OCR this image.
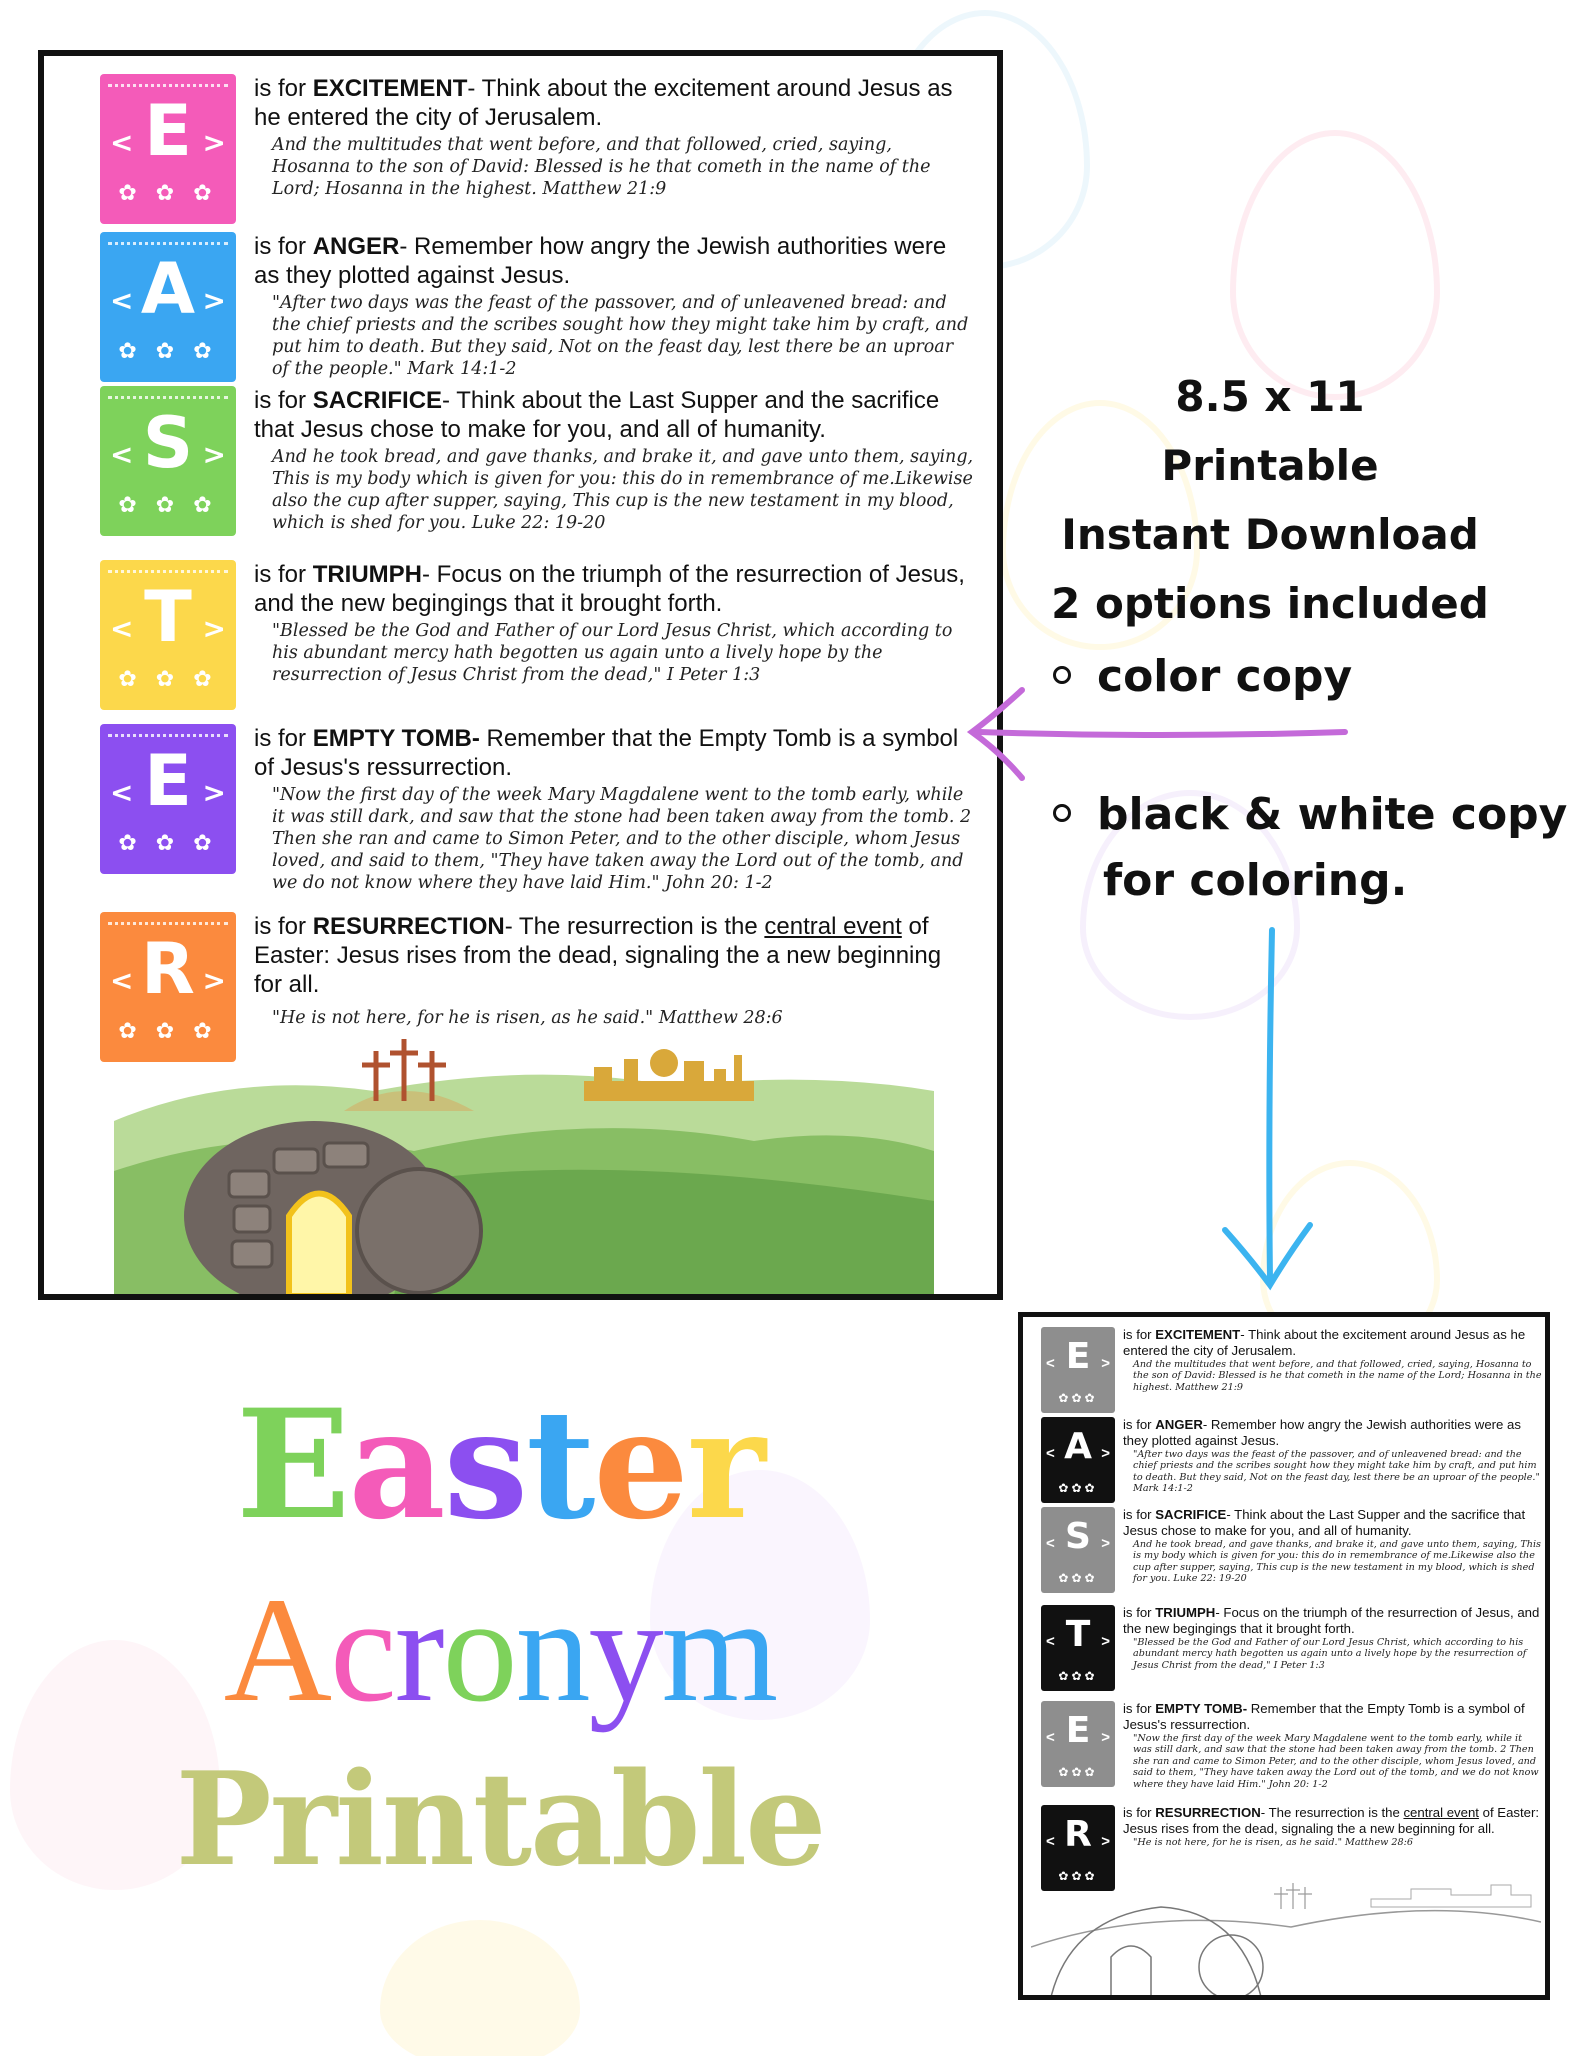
< E >
✿ ✿ ✿
is for EXCITEMENT- Think about the excitement around Jesus as he entered the city of Jerusalem.
And the multitudes that went before, and that followed, cried, saying, Hosanna to the son of David: Blessed is he that cometh in the name of the Lord; Hosanna in the highest. Matthew 21:9
< A >
✿ ✿ ✿
is for ANGER- Remember how angry the Jewish authorities were as they plotted against Jesus.
"After two days was the feast of the passover, and of unleavened bread: and the chief priests and the scribes sought how they might take him by craft, and put him to death. But they said, Not on the feast day, lest there be an uproar of the people." Mark 14:1-2
< S >
✿ ✿ ✿
is for SACRIFICE- Think about the Last Supper and the sacrifice that Jesus chose to make for you, and all of humanity.
And he took bread, and gave thanks, and brake it, and gave unto them, saying, This is my body which is given for you: this do in remembrance of me.Likewise also the cup after supper, saying, This cup is the new testament in my blood, which is shed for you. Luke 22: 19-20
< T >
✿ ✿ ✿
is for TRIUMPH- Focus on the triumph of the resurrection of Jesus, and the new begingings that it brought forth.
"Blessed be the God and Father of our Lord Jesus Christ, which according to his abundant mercy hath begotten us again unto a lively hope by the resurrection of Jesus Christ from the dead," I Peter 1:3
< E >
✿ ✿ ✿
is for EMPTY TOMB- Remember that the Empty Tomb is a symbol of Jesus's ressurrection.
"Now the first day of the week Mary Magdalene went to the tomb early, while it was still dark, and saw that the stone had been taken away from the tomb. 2 Then she ran and came to Simon Peter, and to the other disciple, whom Jesus loved, and said to them, "They have taken away the Lord out of the tomb, and we do not know where they have laid Him." John 20: 1-2
< R >
✿ ✿ ✿
is for RESURRECTION- The resurrection is the central event of Easter: Jesus rises from the dead, signaling the a new beginning for all.
"He is not here, for he is risen, as he said." Matthew 28:6
8.5 x 11
Printable
Instant Download
2 options included
color copy
black & white copy
for coloring.
< E >
✿✿✿
is for EXCITEMENT- Think about the excitement around Jesus as he entered the city of Jerusalem.
And the multitudes that went before, and that followed, cried, saying, Hosanna to the son of David: Blessed is he that cometh in the name of the Lord; Hosanna in the highest. Matthew 21:9
< A >
✿✿✿
is for ANGER- Remember how angry the Jewish authorities were as they plotted against Jesus.
"After two days was the feast of the passover, and of unleavened bread: and the chief priests and the scribes sought how they might take him by craft, and put him to death. But they said, Not on the feast day, lest there be an uproar of the people." Mark 14:1-2
< S >
✿✿✿
is for SACRIFICE- Think about the Last Supper and the sacrifice that Jesus chose to make for you, and all of humanity.
And he took bread, and gave thanks, and brake it, and gave unto them, saying, This is my body which is given for you: this do in remembrance of me.Likewise also the cup after supper, saying, This cup is the new testament in my blood, which is shed for you. Luke 22: 19-20
< T >
✿✿✿
is for TRIUMPH- Focus on the triumph of the resurrection of Jesus, and the new begingings that it brought forth.
"Blessed be the God and Father of our Lord Jesus Christ, which according to his abundant mercy hath begotten us again unto a lively hope by the resurrection of Jesus Christ from the dead," I Peter 1:3
< E >
✿✿✿
is for EMPTY TOMB- Remember that the Empty Tomb is a symbol of Jesus's ressurrection.
"Now the first day of the week Mary Magdalene went to the tomb early, while it was still dark, and saw that the stone had been taken away from the tomb. 2 Then she ran and came to Simon Peter, and to the other disciple, whom Jesus loved, and said to them, "They have taken away the Lord out of the tomb, and we do not know where they have laid Him." John 20: 1-2
< R >
✿✿✿
is for RESURRECTION- The resurrection is the central event of Easter: Jesus rises from the dead, signaling the a new beginning for all.
"He is not here, for he is risen, as he said." Matthew 28:6
Easter
Acronym
Printable
